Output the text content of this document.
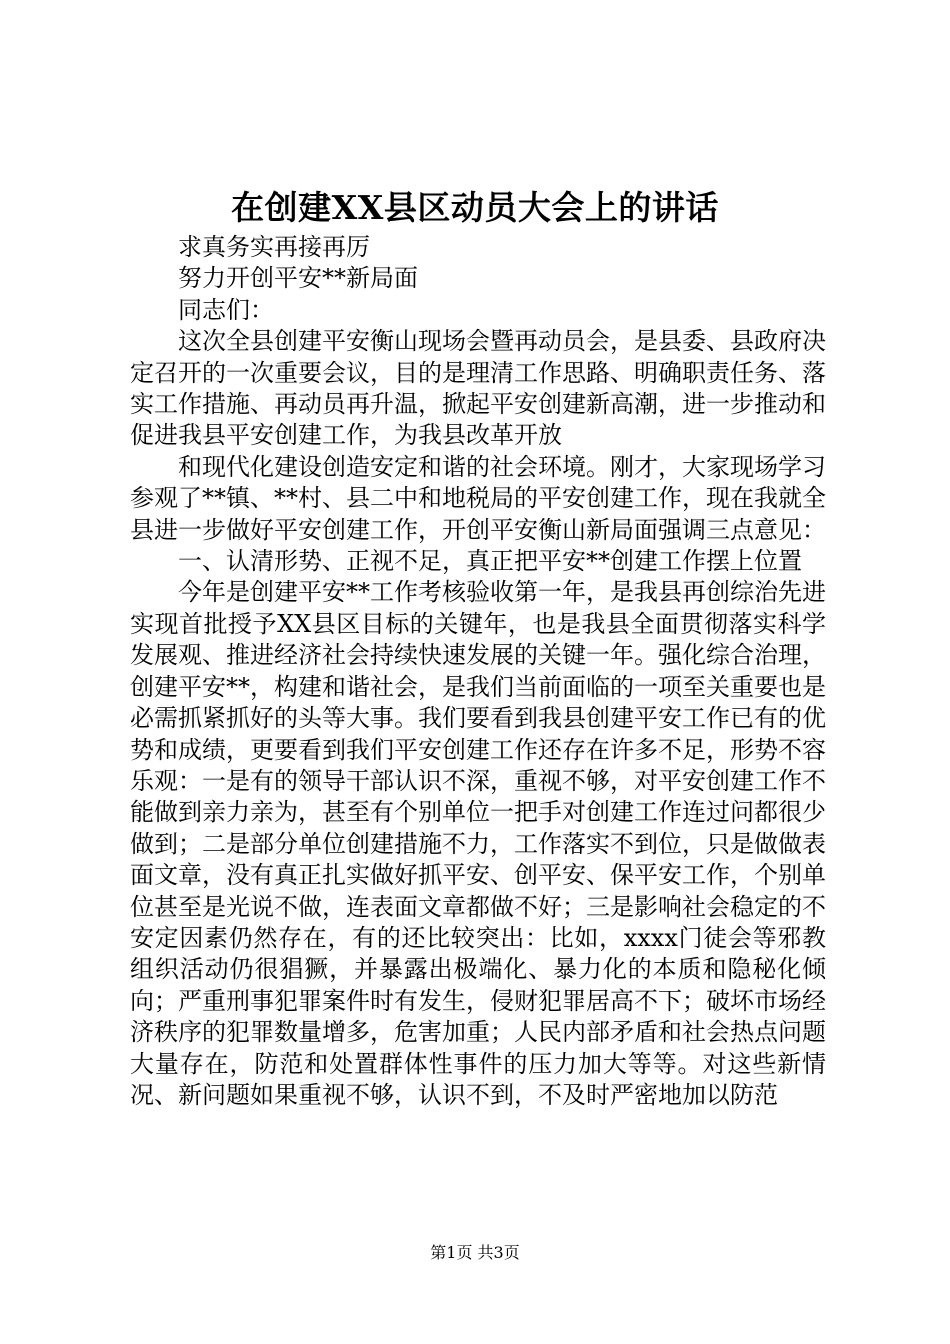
在创建XX县区动员大会上的讲话

求真务实再接再厉

努力开创平安**新局面

同志们：

这次全县创建平安衡山现场会暨再动员会，是县委、县政府决定召开的一次重要会议，目的是理清工作思路、明确职责任务、落实工作措施、再动员再升温，掀起平安创建新高潮，进一步推动和促进我县平安创建工作，为我县改革开放

和现代化建设创造安定和谐的社会环境。刚才，大家现场学习参观了**镇、**村、县二中和地税局的平安创建工作，现在我就全县进一步做好平安创建工作，开创平安衡山新局面强调三点意见：

一、认清形势、正视不足，真正把平安**创建工作摆上位置

今年是创建平安**工作考核验收第一年，是我县再创综治先进实现首批授予XX县区目标的关键年，也是我县全面贯彻落实科学发展观、推进经济社会持续快速发展的关键一年。强化综合治理，创建平安**，构建和谐社会，是我们当前面临的一项至关重要也是必需抓紧抓好的头等大事。我们要看到我县创建平安工作已有的优势和成绩，更要看到我们平安创建工作还存在许多不足，形势不容乐观：一是有的领导干部认识不深，重视不够，对平安创建工作不能做到亲力亲为，甚至有个别单位一把手对创建工作连过问都很少做到；二是部分单位创建措施不力，工作落实不到位，只是做做表面文章，没有真正扎实做好抓平安、创平安、保平安工作，个别单位甚至是光说不做，连表面文章都做不好；三是影响社会稳定的不安定因素仍然存在，有的还比较突出：比如，xxxx门徒会等邪教组织活动仍很猖獗，并暴露出极端化、暴力化的本质和隐秘化倾向；严重刑事犯罪案件时有发生，侵财犯罪居高不下；破坏市场经济秩序的犯罪数量增多，危害加重；人民内部矛盾和社会热点问题大量存在，防范和处置群体性事件的压力加大等等。对这些新情况、新问题如果重视不够，认识不到，不及时严密地加以防范

第1页 共3页
